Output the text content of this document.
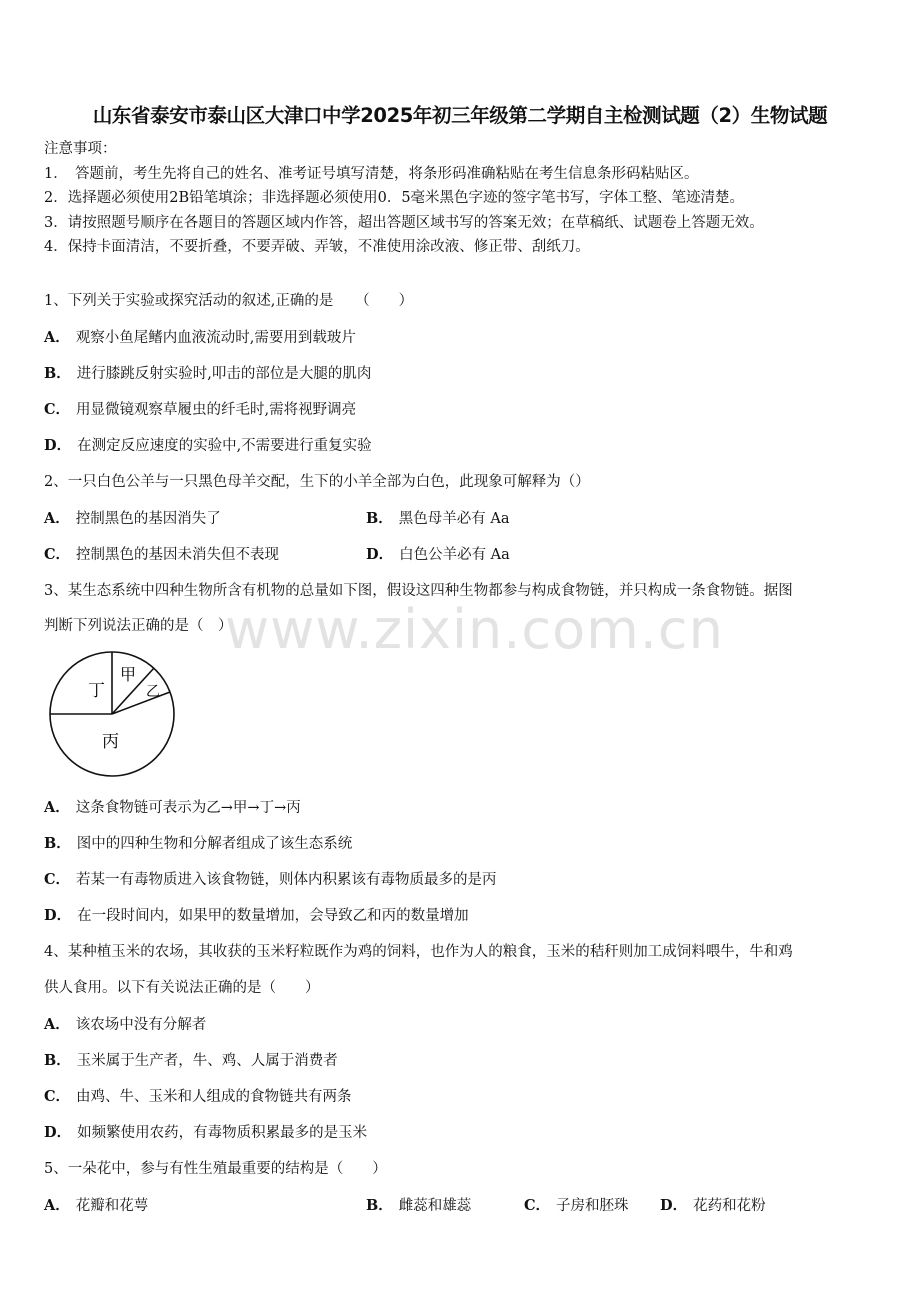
www.zixin.com.cn
山东省泰安市泰山区大津口中学2025年初三年级第二学期自主检测试题（2）生物试题
注意事项：
1．　答题前，考生先将自己的姓名、准考证号填写清楚，将条形码准确粘贴在考生信息条形码粘贴区。
2．选择题必须使用2B铅笔填涂；非选择题必须使用0．5毫米黑色字迹的签字笔书写，字体工整、笔迹清楚。
3．请按照题号顺序在各题目的答题区域内作答，超出答题区域书写的答案无效；在草稿纸、试题卷上答题无效。
4．保持卡面清洁，不要折叠，不要弄破、弄皱，不准使用涂改液、修正带、刮纸刀。
1、下列关于实验或探究活动的叙述,正确的是　　（　　）
A． 观察小鱼尾鳍内血液流动时,需要用到载玻片
B． 进行膝跳反射实验时,叩击的部位是大腿的肌肉
C． 用显微镜观察草履虫的纤毛时,需将视野调亮
D． 在测定反应速度的实验中,不需要进行重复实验
2、一只白色公羊与一只黑色母羊交配，生下的小羊全部为白色，此现象可解释为（）
A． 控制黑色的基因消失了	B． 黑色母羊必有 Aa
C． 控制黑色的基因未消失但不表现	D． 白色公羊必有 Aa
3、某生态系统中四种生物所含有机物的总量如下图，假设这四种生物都参与构成食物链，并只构成一条食物链。据图
判断下列说法正确的是（　）
丁
甲
乙
丙
A． 这条食物链可表示为乙→甲→丁→丙
B． 图中的四种生物和分解者组成了该生态系统
C． 若某一有毒物质进入该食物链，则体内积累该有毒物质最多的是丙
D． 在一段时间内，如果甲的数量增加，会导致乙和丙的数量增加
4、某种植玉米的农场，其收获的玉米籽粒既作为鸡的饲料，也作为人的粮食，玉米的秸秆则加工成饲料喂牛，牛和鸡
供人食用。以下有关说法正确的是（　　）
A． 该农场中没有分解者
B． 玉米属于生产者，牛、鸡、人属于消费者
C． 由鸡、牛、玉米和人组成的食物链共有两条
D． 如频繁使用农药，有毒物质积累最多的是玉米
5、一朵花中，参与有性生殖最重要的结构是（　　）
A． 花瓣和花萼	B． 雌蕊和雄蕊	C． 子房和胚珠 D． 花药和花粉
